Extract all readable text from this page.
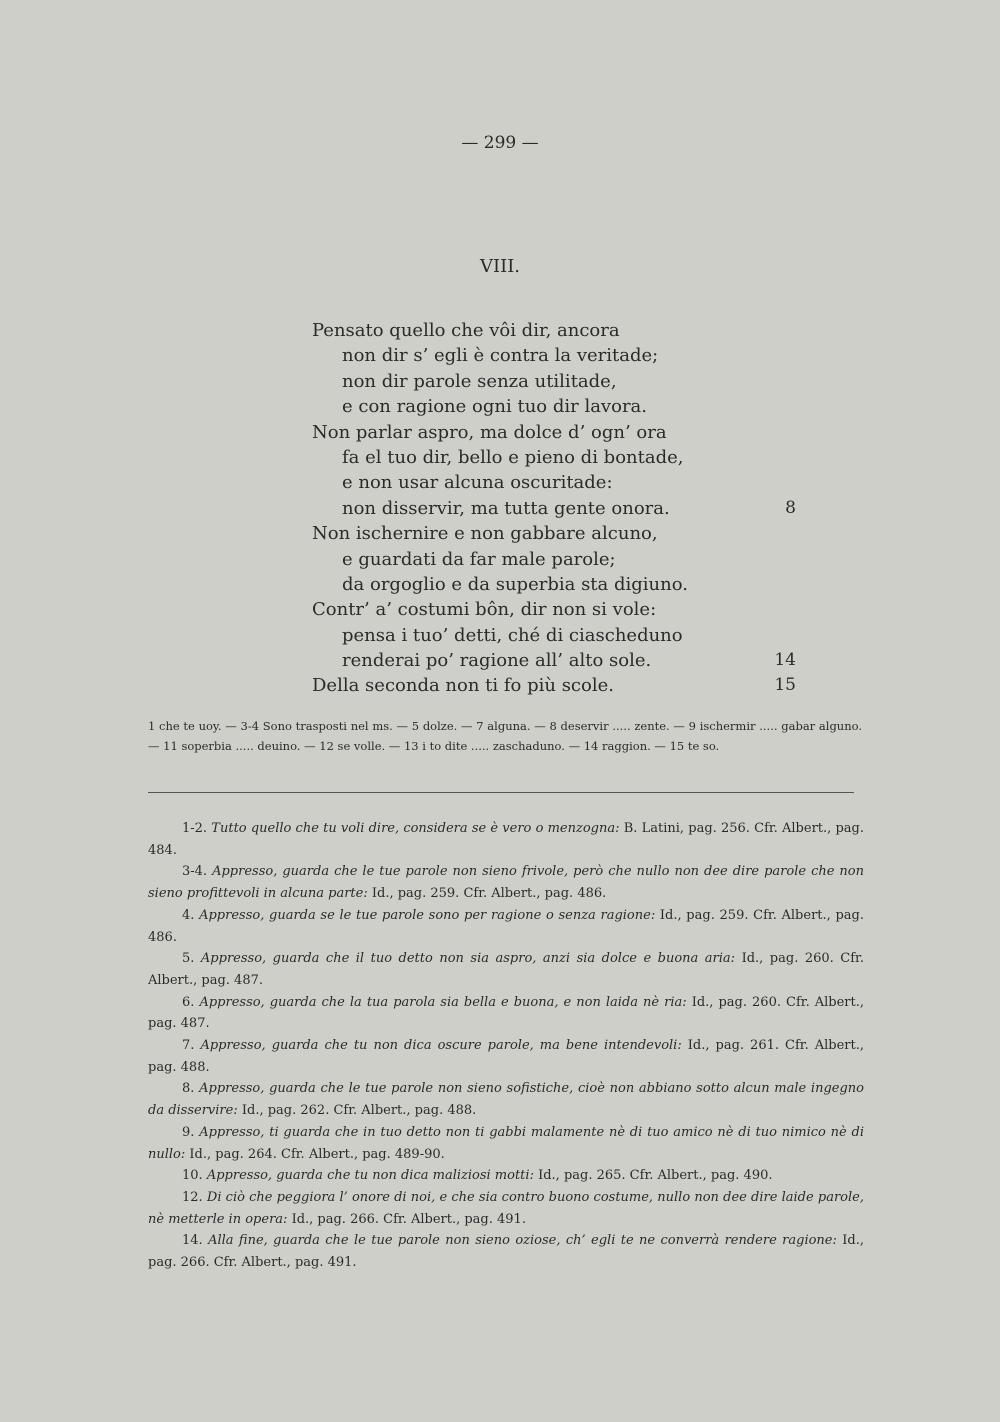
— 299 —
VIII.
Pensato quello che vôi dir, ancora
non dir s’ egli è contra la veritade;
non dir parole senza utilitade,
e con ragione ogni tuo dir lavora.
Non parlar aspro, ma dolce d’ ogn’ ora
fa el tuo dir, bello e pieno di bontade,
e non usar alcuna oscuritade:
non disservir, ma tutta gente onora.	8
Non ischernire e non gabbare alcuno,
e guardati da far male parole;
da orgoglio e da superbia sta digiuno.
Contr’ a’ costumi bôn, dir non si vole:
pensa i tuo’ detti, ché di ciascheduno
renderai po’ ragione all’ alto sole.	14
Della seconda non ti fo più scole.	15
1 che te uoy. — 3-4 Sono trasposti nel ms. — 5 dolze. — 7 alguna. — 8 deservir ..... zente. — 9 ischermir ..... gabar alguno. — 11 soperbia ..... deuino. — 12 se volle. — 13 i to dite ..... zaschaduno. — 14 raggion. — 15 te so.

1-2. Tutto quello che tu voli dire, considera se è vero o menzogna: B. Latini, pag. 256. Cfr. Albert., pag. 484.

3-4. Appresso, guarda che le tue parole non sieno frivole, però che nullo non dee dire parole che non sieno profittevoli in alcuna parte: Id., pag. 259. Cfr. Albert., pag. 486.

4. Appresso, guarda se le tue parole sono per ragione o senza ragione: Id., pag. 259. Cfr. Albert., pag. 486.

5. Appresso, guarda che il tuo detto non sia aspro, anzi sia dolce e buona aria: Id., pag. 260. Cfr. Albert., pag. 487.

6. Appresso, guarda che la tua parola sia bella e buona, e non laida nè ria: Id., pag. 260. Cfr. Albert., pag. 487.

7. Appresso, guarda che tu non dica oscure parole, ma bene intendevoli: Id., pag. 261. Cfr. Albert., pag. 488.

8. Appresso, guarda che le tue parole non sieno sofistiche, cioè non abbiano sotto alcun male ingegno da disservire: Id., pag. 262. Cfr. Albert., pag. 488.

9. Appresso, ti guarda che in tuo detto non ti gabbi malamente nè di tuo amico nè di tuo nimico nè di nullo: Id., pag. 264. Cfr. Albert., pag. 489-90.

10. Appresso, guarda che tu non dica maliziosi motti: Id., pag. 265. Cfr. Albert., pag. 490.

12. Di ciò che peggiora l’ onore di noi, e che sia contro buono costume, nullo non dee dire laide parole, nè metterle in opera: Id., pag. 266. Cfr. Albert., pag. 491.

14. Alla fine, guarda che le tue parole non sieno oziose, ch’ egli te ne converrà rendere ragione: Id., pag. 266. Cfr. Albert., pag. 491.
